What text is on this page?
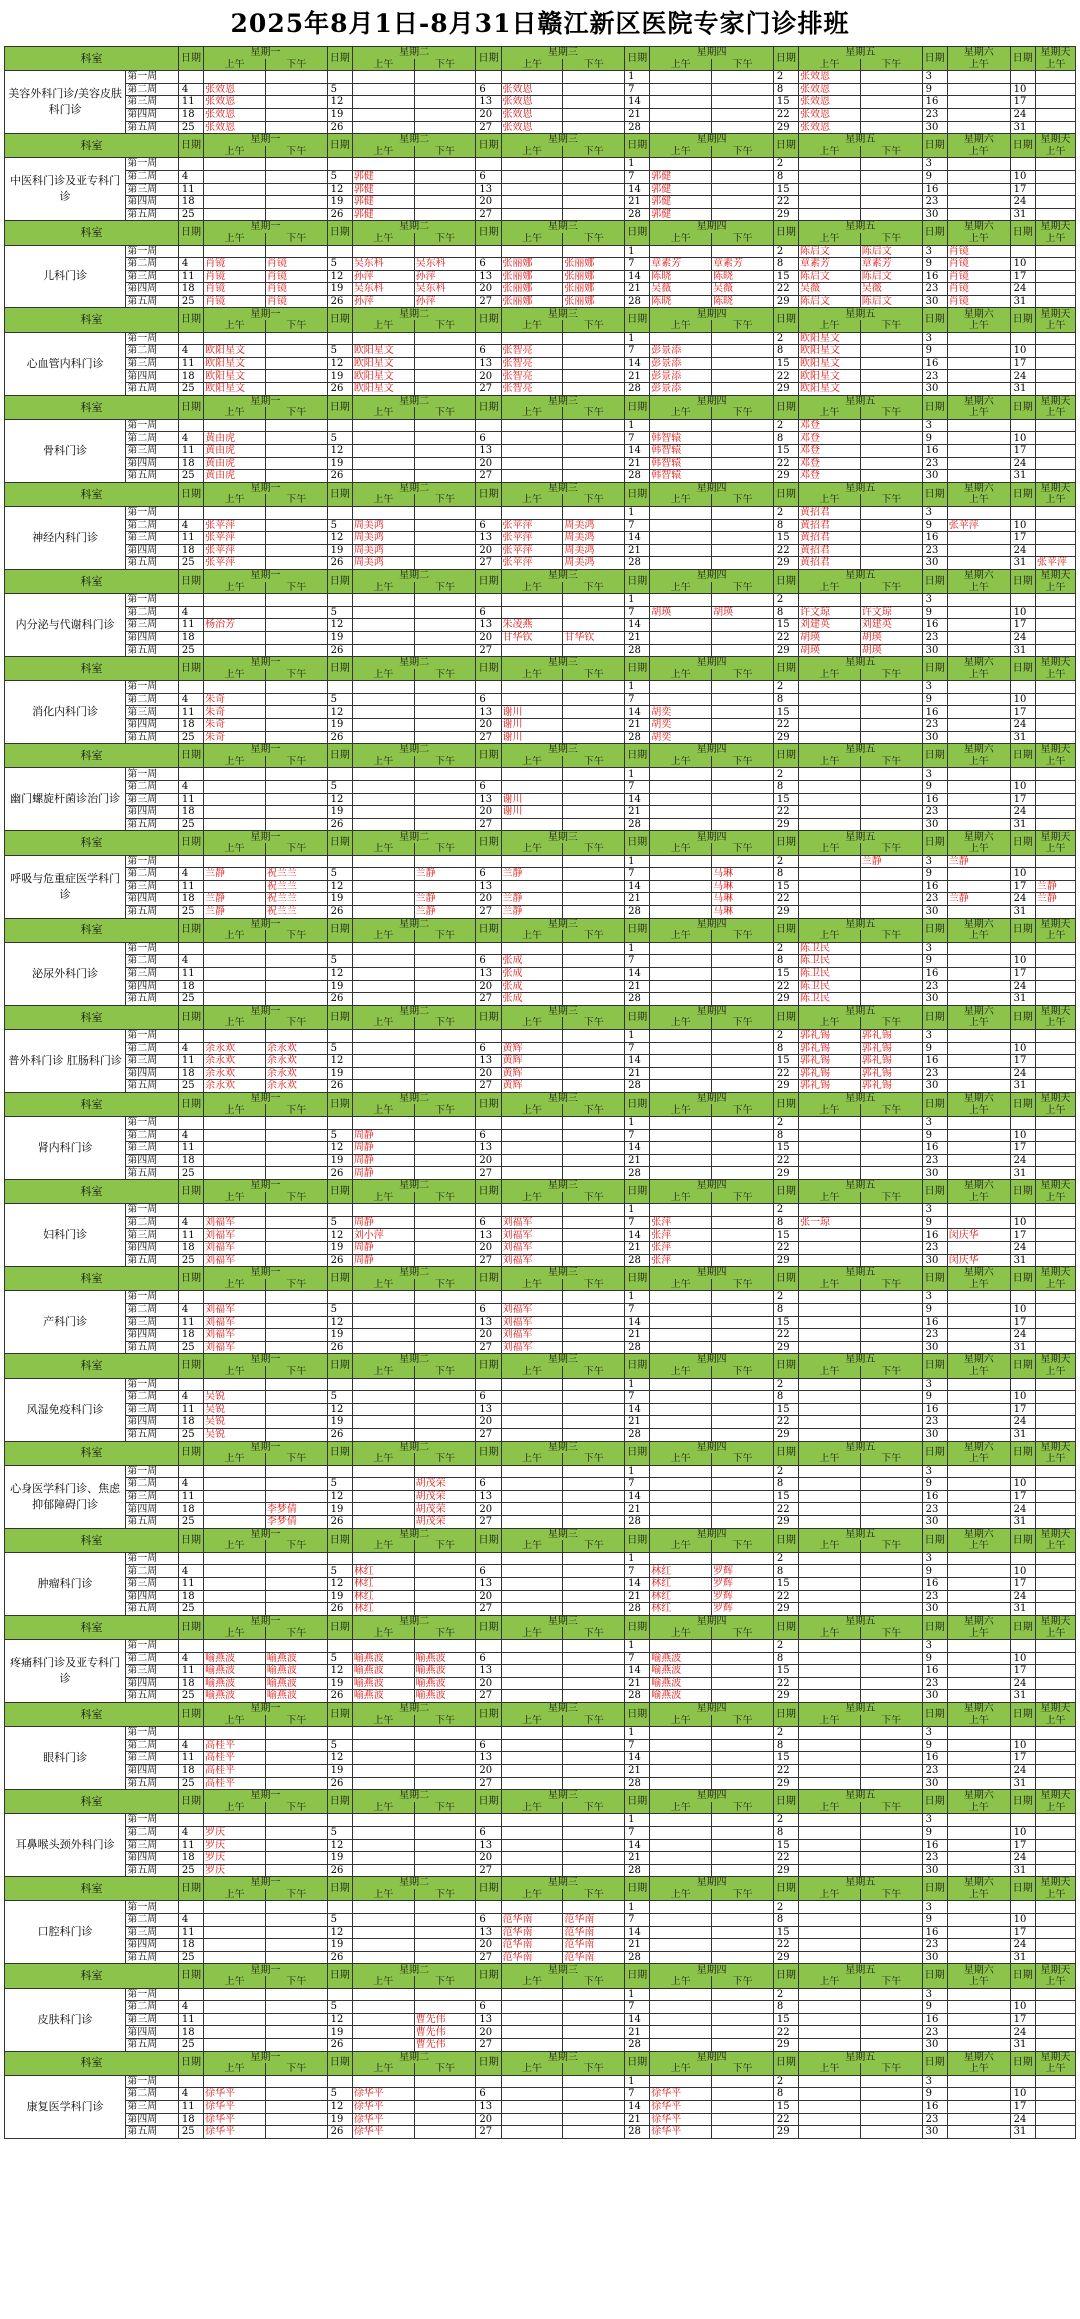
2025年8月1日-8月31日赣江新区医院专家门诊排班
科室		日期	星期一		日期	星期二		日期	星期三		日期	星期四		日期	星期五		日期	星期六	日期	星期天
			上午	下午		上午	下午		上午	下午		上午	下午		上午	下午		上午		上午
美容外科门诊/美容皮肤科门诊	第一周										1			2	张效恩		3			
	第二周	4	张效恩		5			6	张效恩		7			8	张效恩		9		10	
	第三周	11	张效恩		12			13	张效恩		14			15	张效恩		16		17	
	第四周	18	张效恩		19			20	张效恩		21			22	张效恩		23		24	
	第五周	25	张效恩		26			27	张效恩		28			29	张效恩		30		31	
科室		日期	星期一		日期	星期二		日期	星期三		日期	星期四		日期	星期五		日期	星期六	日期	星期天
			上午	下午		上午	下午		上午	下午		上午	下午		上午	下午		上午		上午
中医科门诊及亚专科门诊	第一周										1			2			3			
	第二周	4			5	郭健		6			7	郭健		8			9		10	
	第三周	11			12	郭健		13			14	郭健		15			16		17	
	第四周	18			19	郭健		20			21	郭健		22			23		24	
	第五周	25			26	郭健		27			28	郭健		29			30		31	
科室		日期	星期一		日期	星期二		日期	星期三		日期	星期四		日期	星期五		日期	星期六	日期	星期天
			上午	下午		上午	下午		上午	下午		上午	下午		上午	下午		上午		上午
儿科门诊	第一周										1			2	陈启文	陈启文	3	肖镜		
	第二周	4	肖镜	肖镜	5	吴东科	吴东科	6	张丽娜	张丽娜	7	章素芳	章素芳	8	章素芳	章素芳	9	肖镜	10	
	第三周	11	肖镜	肖镜	12	孙萍	孙萍	13	张丽娜	张丽娜	14	陈晓	陈晓	15	陈启文	陈启文	16	肖镜	17	
	第四周	18	肖镜	肖镜	19	吴东科	吴东科	20	张丽娜	张丽娜	21	吴薇	吴薇	22	吴薇	吴薇	23	肖镜	24	
	第五周	25	肖镜	肖镜	26	孙萍	孙萍	27	张丽娜	张丽娜	28	陈晓	陈晓	29	陈启文	陈启文	30	肖镜	31	
科室		日期	星期一		日期	星期二		日期	星期三		日期	星期四		日期	星期五		日期	星期六	日期	星期天
			上午	下午		上午	下午		上午	下午		上午	下午		上午	下午		上午		上午
心血管内科门诊	第一周										1			2	欧阳星文		3			
	第二周	4	欧阳星文		5	欧阳星文		6	张智亮		7	彭景添		8	欧阳星文		9		10	
	第三周	11	欧阳星文		12	欧阳星文		13	张智亮		14	彭景添		15	欧阳星文		16		17	
	第四周	18	欧阳星文		19	欧阳星文		20	张智亮		21	彭景添		22	欧阳星文		23		24	
	第五周	25	欧阳星文		26	欧阳星文		27	张智亮		28	彭景添		29	欧阳星文		30		31	
科室		日期	星期一		日期	星期二		日期	星期三		日期	星期四		日期	星期五		日期	星期六	日期	星期天
			上午	下午		上午	下午		上午	下午		上午	下午		上午	下午		上午		上午
骨科门诊	第一周										1			2	邓登		3			
	第二周	4	黄由虎		5			6			7	韩智辕		8	邓登		9		10	
	第三周	11	黄由虎		12			13			14	韩智辕		15	邓登		16		17	
	第四周	18	黄由虎		19			20			21	韩智辕		22	邓登		23		24	
	第五周	25	黄由虎		26			27			28	韩智辕		29	邓登		30		31	
科室		日期	星期一		日期	星期二		日期	星期三		日期	星期四		日期	星期五		日期	星期六	日期	星期天
			上午	下午		上午	下午		上午	下午		上午	下午		上午	下午		上午		上午
神经内科门诊	第一周										1			2	黄招君		3			
	第二周	4	张苹萍		5	周美鸿		6	张苹萍	周美鸿	7			8	黄招君		9	张苹萍	10	
	第三周	11	张苹萍		12	周美鸿		13	张苹萍	周美鸿	14			15	黄招君		16		17	
	第四周	18	张苹萍		19	周美鸿		20	张苹萍	周美鸿	21			22	黄招君		23		24	
	第五周	25	张苹萍		26	周美鸿		27	张苹萍	周美鸿	28			29	黄招君		30		31	张苹萍
科室		日期	星期一		日期	星期二		日期	星期三		日期	星期四		日期	星期五		日期	星期六	日期	星期天
			上午	下午		上午	下午		上午	下午		上午	下午		上午	下午		上午		上午
内分泌与代谢科门诊	第一周										1			2			3			
	第二周	4			5			6			7	胡瑛	胡瑛	8	许文琼	许文琼	9		10	
	第三周	11	杨治芳		12			13	朱凌燕		14			15	刘建英	刘建英	16		17	
	第四周	18			19			20	甘华钦	甘华钦	21			22	胡瑛	胡瑛	23		24	
	第五周	25			26			27			28			29	胡瑛	胡瑛	30		31	
科室		日期	星期一		日期	星期二		日期	星期三		日期	星期四		日期	星期五		日期	星期六	日期	星期天
			上午	下午		上午	下午		上午	下午		上午	下午		上午	下午		上午		上午
消化内科门诊	第一周										1			2			3			
	第二周	4	朱奇		5			6			7			8			9		10	
	第三周	11	朱奇		12			13	谢川		14	胡奕		15			16		17	
	第四周	18	朱奇		19			20	谢川		21	胡奕		22			23		24	
	第五周	25	朱奇		26			27	谢川		28	胡奕		29			30		31	
科室		日期	星期一		日期	星期二		日期	星期三		日期	星期四		日期	星期五		日期	星期六	日期	星期天
			上午	下午		上午	下午		上午	下午		上午	下午		上午	下午		上午		上午
幽门螺旋杆菌诊治门诊	第一周										1			2			3			
	第二周	4			5			6			7			8			9		10	
	第三周	11			12			13	谢川		14			15			16		17	
	第四周	18			19			20	谢川		21			22			23		24	
	第五周	25			26			27			28			29			30		31	
科室		日期	星期一		日期	星期二		日期	星期三		日期	星期四		日期	星期五		日期	星期六	日期	星期天
			上午	下午		上午	下午		上午	下午		上午	下午		上午	下午		上午		上午
呼吸与危重症医学科门诊	第一周										1			2		兰静	3	兰静		
	第二周	4	兰静	祝兰兰	5		兰静	6	兰静		7		马琳	8			9		10	
	第三周	11		祝兰兰	12			13			14		马琳	15			16		17	兰静
	第四周	18	兰静	祝兰兰	19		兰静	20	兰静		21		马琳	22			23	兰静	24	兰静
	第五周	25	兰静	祝兰兰	26		兰静	27	兰静		28		马琳	29			30		31	
科室		日期	星期一		日期	星期二		日期	星期三		日期	星期四		日期	星期五		日期	星期六	日期	星期天
			上午	下午		上午	下午		上午	下午		上午	下午		上午	下午		上午		上午
泌尿外科门诊	第一周										1			2	陈卫民		3			
	第二周	4			5			6	张成		7			8	陈卫民		9		10	
	第三周	11			12			13	张成		14			15	陈卫民		16		17	
	第四周	18			19			20	张成		21			22	陈卫民		23		24	
	第五周	25			26			27	张成		28			29	陈卫民		30		31	
科室		日期	星期一		日期	星期二		日期	星期三		日期	星期四		日期	星期五		日期	星期六	日期	星期天
			上午	下午		上午	下午		上午	下午		上午	下午		上午	下午		上午		上午
普外科门诊 肛肠科门诊	第一周										1			2	郭礼锡	郭礼锡	3			
	第二周	4	余永欢	余永欢	5			6	黄辉		7			8	郭礼锡	郭礼锡	9		10	
	第三周	11	余永欢	余永欢	12			13	黄辉		14			15	郭礼锡	郭礼锡	16		17	
	第四周	18	余永欢	余永欢	19			20	黄辉		21			22	郭礼锡	郭礼锡	23		24	
	第五周	25	余永欢	余永欢	26			27	黄辉		28			29	郭礼锡	郭礼锡	30		31	
科室		日期	星期一		日期	星期二		日期	星期三		日期	星期四		日期	星期五		日期	星期六	日期	星期天
			上午	下午		上午	下午		上午	下午		上午	下午		上午	下午		上午		上午
肾内科门诊	第一周										1			2			3			
	第二周	4			5	周静		6			7			8			9		10	
	第三周	11			12	周静		13			14			15			16		17	
	第四周	18			19	周静		20			21			22			23		24	
	第五周	25			26	周静		27			28			29			30		31	
科室		日期	星期一		日期	星期二		日期	星期三		日期	星期四		日期	星期五		日期	星期六	日期	星期天
			上午	下午		上午	下午		上午	下午		上午	下午		上午	下午		上午		上午
妇科门诊	第一周										1			2			3			
	第二周	4	刘福军		5	周静		6	刘福军		7	张萍		8	张一琼		9		10	
	第三周	11	刘福军		12	刘小萍		13	刘福军		14	张萍		15			16	闵庆华	17	
	第四周	18	刘福军		19	周静		20	刘福军		21	张萍		22			23		24	
	第五周	25	刘福军		26	周静		27	刘福军		28	张萍		29			30	闵庆华	31	
科室		日期	星期一		日期	星期二		日期	星期三		日期	星期四		日期	星期五		日期	星期六	日期	星期天
			上午	下午		上午	下午		上午	下午		上午	下午		上午	下午		上午		上午
产科门诊	第一周										1			2			3			
	第二周	4	刘福军		5			6	刘福军		7			8			9		10	
	第三周	11	刘福军		12			13	刘福军		14			15			16		17	
	第四周	18	刘福军		19			20	刘福军		21			22			23		24	
	第五周	25	刘福军		26			27	刘福军		28			29			30		31	
科室		日期	星期一		日期	星期二		日期	星期三		日期	星期四		日期	星期五		日期	星期六	日期	星期天
			上午	下午		上午	下午		上午	下午		上午	下午		上午	下午		上午		上午
风湿免疫科门诊	第一周										1			2			3			
	第二周	4	吴锐		5			6			7			8			9		10	
	第三周	11	吴锐		12			13			14			15			16		17	
	第四周	18	吴锐		19			20			21			22			23		24	
	第五周	25	吴锐		26			27			28			29			30		31	
科室		日期	星期一		日期	星期二		日期	星期三		日期	星期四		日期	星期五		日期	星期六	日期	星期天
			上午	下午		上午	下午		上午	下午		上午	下午		上午	下午		上午		上午
心身医学科门诊、焦虑抑郁障碍门诊	第一周										1			2			3			
	第二周	4			5		胡茂荣	6			7			8			9		10	
	第三周	11			12		胡茂荣	13			14			15			16		17	
	第四周	18		李梦倩	19		胡茂荣	20			21			22			23		24	
	第五周	25		李梦倩	26		胡茂荣	27			28			29			30		31	
科室		日期	星期一		日期	星期二		日期	星期三		日期	星期四		日期	星期五		日期	星期六	日期	星期天
			上午	下午		上午	下午		上午	下午		上午	下午		上午	下午		上午		上午
肿瘤科门诊	第一周										1			2			3			
	第二周	4			5	林红		6			7	林红	罗辉	8			9		10	
	第三周	11			12	林红		13			14	林红	罗辉	15			16		17	
	第四周	18			19	林红		20			21	林红	罗辉	22			23		24	
	第五周	25			26	林红		27			28	林红	罗辉	29			30		31	
科室		日期	星期一		日期	星期二		日期	星期三		日期	星期四		日期	星期五		日期	星期六	日期	星期天
			上午	下午		上午	下午		上午	下午		上午	下午		上午	下午		上午		上午
疼痛科门诊及亚专科门诊	第一周										1			2			3			
	第二周	4	喻燕波	喻燕波	5	喻燕波	喻燕波	6			7	喻燕波		8			9		10	
	第三周	11	喻燕波	喻燕波	12	喻燕波	喻燕波	13			14	喻燕波		15			16		17	
	第四周	18	喻燕波	喻燕波	19	喻燕波	喻燕波	20			21	喻燕波		22			23		24	
	第五周	25	喻燕波	喻燕波	26	喻燕波	喻燕波	27			28	喻燕波		29			30		31	
科室		日期	星期一		日期	星期二		日期	星期三		日期	星期四		日期	星期五		日期	星期六	日期	星期天
			上午	下午		上午	下午		上午	下午		上午	下午		上午	下午		上午		上午
眼科门诊	第一周										1			2			3			
	第二周	4	高桂平		5			6			7			8			9		10	
	第三周	11	高桂平		12			13			14			15			16		17	
	第四周	18	高桂平		19			20			21			22			23		24	
	第五周	25	高桂平		26			27			28			29			30		31	
科室		日期	星期一		日期	星期二		日期	星期三		日期	星期四		日期	星期五		日期	星期六	日期	星期天
			上午	下午		上午	下午		上午	下午		上午	下午		上午	下午		上午		上午
耳鼻喉头颈外科门诊	第一周										1			2			3			
	第二周	4	罗庆		5			6			7			8			9		10	
	第三周	11	罗庆		12			13			14			15			16		17	
	第四周	18	罗庆		19			20			21			22			23		24	
	第五周	25	罗庆		26			27			28			29			30		31	
科室		日期	星期一		日期	星期二		日期	星期三		日期	星期四		日期	星期五		日期	星期六	日期	星期天
			上午	下午		上午	下午		上午	下午		上午	下午		上午	下午		上午		上午
口腔科门诊	第一周										1			2			3			
	第二周	4			5			6	范华南	范华南	7			8			9		10	
	第三周	11			12			13	范华南	范华南	14			15			16		17	
	第四周	18			19			20	范华南	范华南	21			22			23		24	
	第五周	25			26			27	范华南	范华南	28			29			30		31	
科室		日期	星期一		日期	星期二		日期	星期三		日期	星期四		日期	星期五		日期	星期六	日期	星期天
			上午	下午		上午	下午		上午	下午		上午	下午		上午	下午		上午		上午
皮肤科门诊	第一周										1			2			3			
	第二周	4			5			6			7			8			9		10	
	第三周	11			12		曹先伟	13			14			15			16		17	
	第四周	18			19		曹先伟	20			21			22			23		24	
	第五周	25			26		曹先伟	27			28			29			30		31	
科室		日期	星期一		日期	星期二		日期	星期三		日期	星期四		日期	星期五		日期	星期六	日期	星期天
			上午	下午		上午	下午		上午	下午		上午	下午		上午	下午		上午		上午
康复医学科门诊	第一周										1			2			3			
	第二周	4	徐华平		5	徐华平		6			7	徐华平		8			9		10	
	第三周	11	徐华平		12	徐华平		13			14	徐华平		15			16		17	
	第四周	18	徐华平		19	徐华平		20			21	徐华平		22			23		24	
	第五周	25	徐华平		26	徐华平		27			28	徐华平		29			30		31	
